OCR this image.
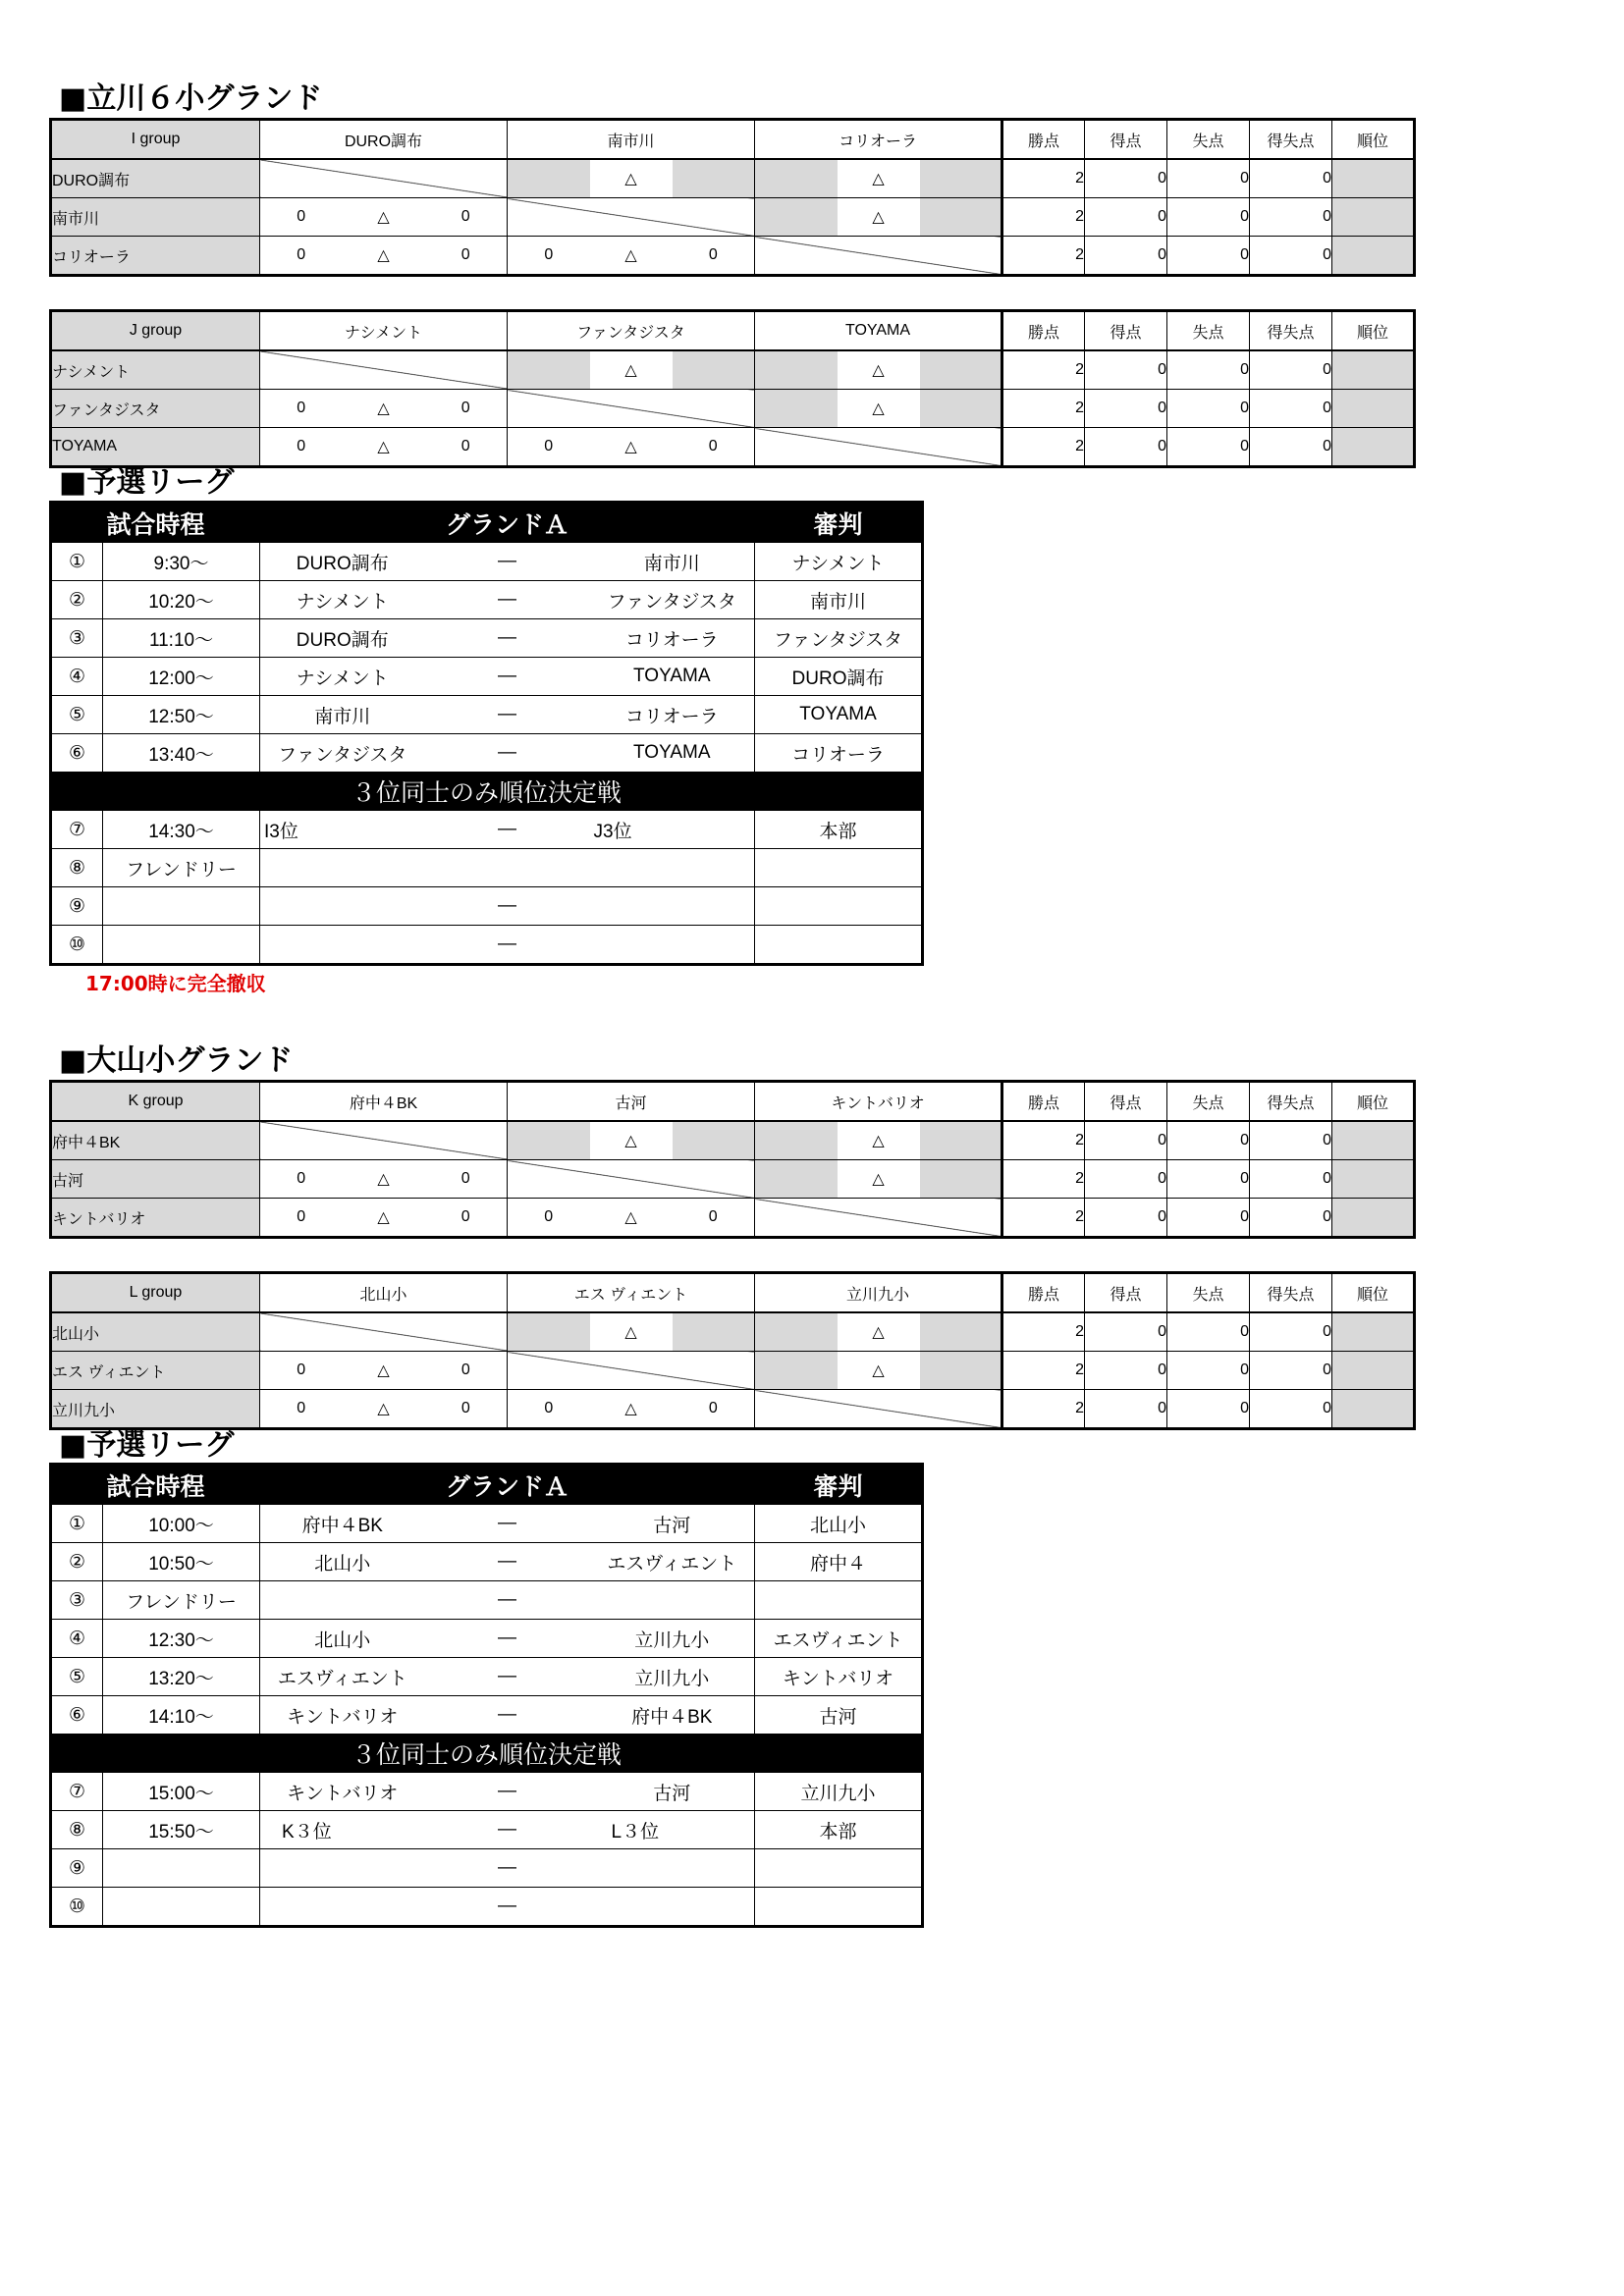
■立川６小グランド
I group	DURO調布			南市川			コリオーラ			勝点	得点	失点	得失点	順位
DURO調布					△			△		2	0	0	0	
南市川	0	△	0					△		2	0	0	0	
コリオーラ	0	△	0	0	△	0				2	0	0	0	
J group	ナシメント			ファンタジスタ			TOYAMA			勝点	得点	失点	得失点	順位
ナシメント					△			△		2	0	0	0	
ファンタジスタ	0	△	0					△		2	0	0	0	
TOYAMA	0	△	0	0	△	0				2	0	0	0	
■予選リーグ
試合時程		グランドＡ			審判
①	9:30～	DURO調布	—	南市川	ナシメント
②	10:20～	ナシメント	—	ファンタジスタ	南市川
③	11:10～	DURO調布	—	コリオーラ	ファンタジスタ
④	12:00～	ナシメント	—	TOYAMA	DURO調布
⑤	12:50～	南市川	—	コリオーラ	TOYAMA
⑥	13:40～	ファンタジスタ	—	TOYAMA	コリオーラ
３位同士のみ順位決定戦					
⑦	14:30～	I3位	—	J3位	本部
⑧	フレンドリー				
⑨			—		
⑩			—		
17:00時に完全撤収
■大山小グランド
K group	府中４BK			古河			キントバリオ			勝点	得点	失点	得失点	順位
府中４BK					△			△		2	0	0	0	
古河	0	△	0					△		2	0	0	0	
キントバリオ	0	△	0	0	△	0				2	0	0	0	
L group	北山小			エス ヴィエント			立川九小			勝点	得点	失点	得失点	順位
北山小					△			△		2	0	0	0	
エス ヴィエント	0	△	0					△		2	0	0	0	
立川九小	0	△	0	0	△	0				2	0	0	0	
■予選リーグ
試合時程		グランドＡ			審判
①	10:00～	府中４BK	—	古河	北山小
②	10:50～	北山小	—	エスヴィエント	府中４
③	フレンドリー		—		
④	12:30～	北山小	—	立川九小	エスヴィエント
⑤	13:20～	エスヴィエント	—	立川九小	キントバリオ
⑥	14:10～	キントバリオ	—	府中４BK	古河
３位同士のみ順位決定戦					
⑦	15:00～	キントバリオ	—	古河	立川九小
⑧	15:50～	K３位	—	L３位	本部
⑨			—		
⑩			—		
